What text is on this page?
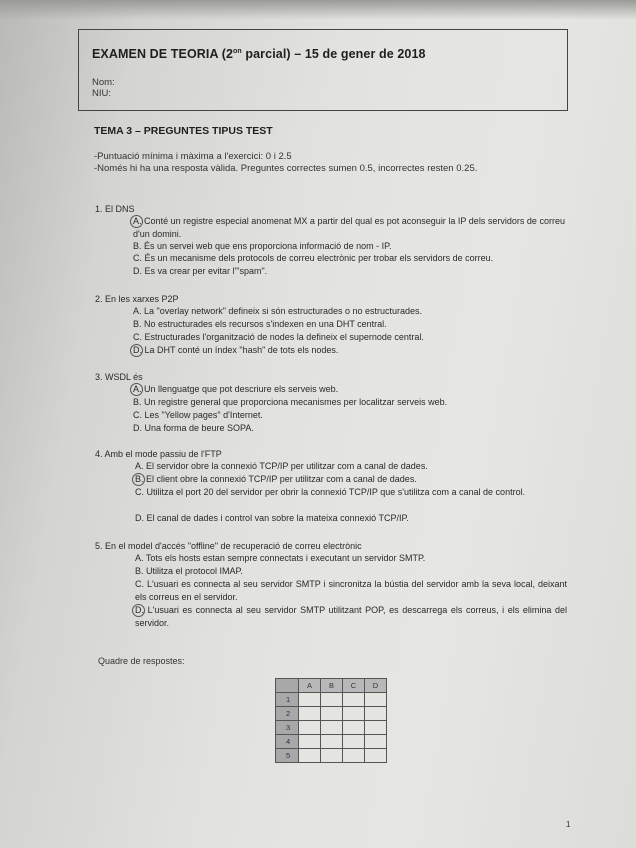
EXAMEN DE TEORIA ($2^{on}$ parcial) – 15 de gener de 2018
Nom:
NIU:
TEMA 3 – PREGUNTES TIPUS TEST
-Puntuació mínima i màxima a l'exercici: 0 i 2.5
-Només hi ha una resposta vàlida. Preguntes correctes sumen 0.5, incorrectes resten 0.25.
1. El DNS
A. Conté un registre especial anomenat MX a partir del qual es pot aconseguir la IP dels servidors de correu d'un domini.
B. És un servei web que ens proporciona informació de nom - IP.
C. És un mecanisme dels protocols de correu electrònic per trobar els servidors de correu.
D. Es va crear per evitar l'"spam".
2. En les xarxes P2P
A. La "overlay network" defineix si són estructurades o no estructurades.
B. No estructurades els recursos s'indexen en una DHT central.
C. Estructurades l'organització de nodes la defineix el supernode central.
D. La DHT conté un índex "hash" de tots els nodes.
3. WSDL és
A. Un llenguatge que pot descriure els serveis web.
B. Un registre general que proporciona mecanismes per localitzar serveis web.
C. Les "Yellow pages" d'Internet.
D. Una forma de beure SOPA.
4. Amb el mode passiu de l'FTP
A. El servidor obre la connexió TCP/IP per utilitzar com a canal de dades.
B. El client obre la connexió TCP/IP per utilitzar com a canal de dades.
C. Utilitza el port 20 del servidor per obrir la connexió TCP/IP que s'utilitza com a canal de control.
D. El canal de dades i control van sobre la mateixa connexió TCP/IP.
5. En el model d'accés "offline" de recuperació de correu electrònic
A. Tots els hosts estan sempre connectats i executant un servidor SMTP.
B. Utilitza el protocol IMAP.
C. L'usuari es connecta al seu servidor SMTP i sincronitza la bústia del servidor amb la seva local, deixant els correus en el servidor.
D. L'usuari es connecta al seu servidor SMTP utilitzant POP, es descarrega els correus, i els elimina del servidor.
Quadre de respostes:
	A	B	C	D
1				
2				
3				
4				
5				
1
